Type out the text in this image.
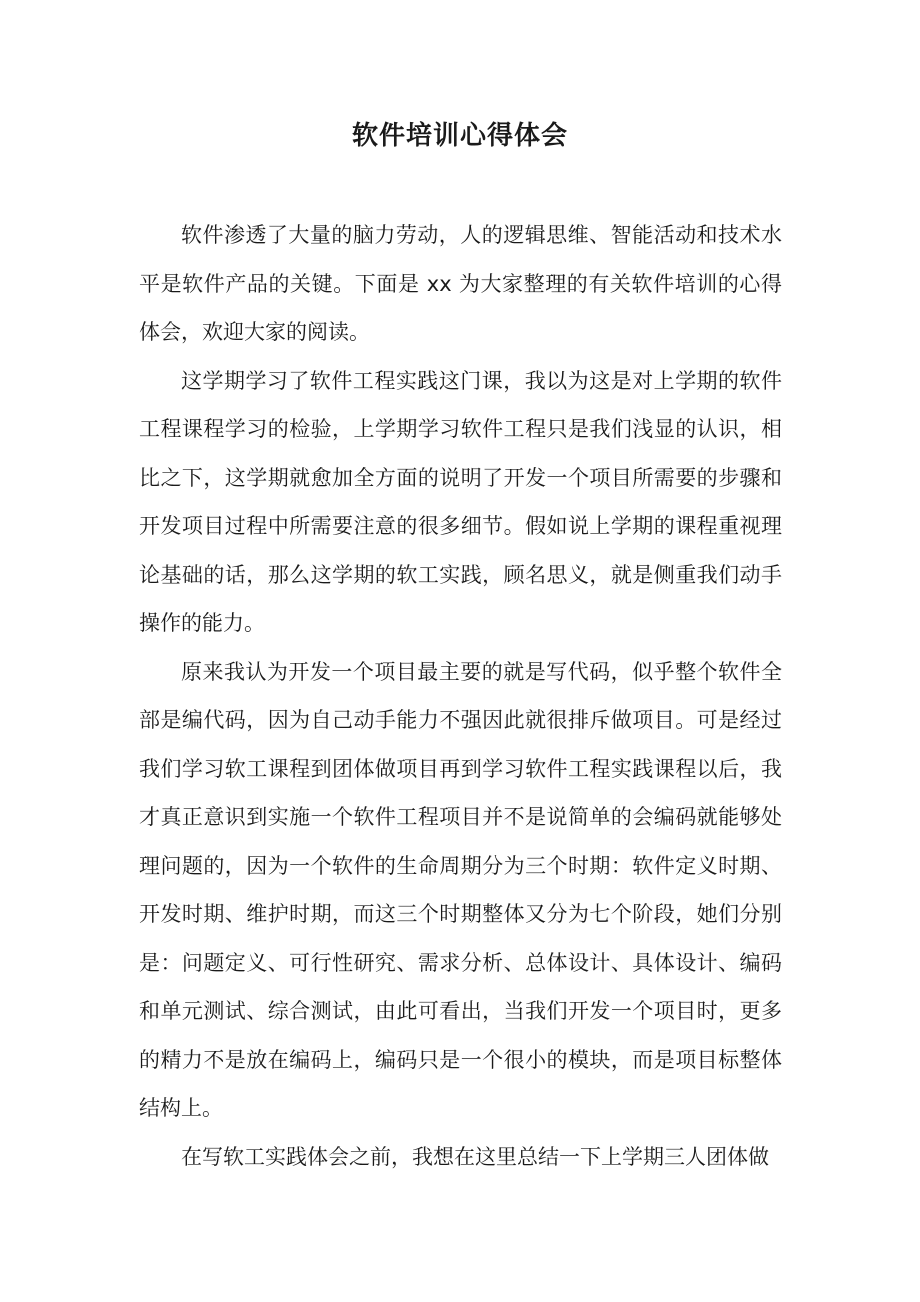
软件培训心得体会

软件渗透了大量的脑力劳动，人的逻辑思维、智能活动和技术水平是软件产品的关键。下面是 xx 为大家整理的有关软件培训的心得体会，欢迎大家的阅读。

这学期学习了软件工程实践这门课，我以为这是对上学期的软件工程课程学习的检验，上学期学习软件工程只是我们浅显的认识，相比之下，这学期就愈加全方面的说明了开发一个项目所需要的步骤和开发项目过程中所需要注意的很多细节。假如说上学期的课程重视理论基础的话，那么这学期的软工实践，顾名思义，就是侧重我们动手操作的能力。

原来我认为开发一个项目最主要的就是写代码，似乎整个软件全部是编代码，因为自己动手能力不强因此就很排斥做项目。可是经过我们学习软工课程到团体做项目再到学习软件工程实践课程以后，我才真正意识到实施一个软件工程项目并不是说简单的会编码就能够处理问题的，因为一个软件的生命周期分为三个时期：软件定义时期、开发时期、维护时期，而这三个时期整体又分为七个阶段，她们分别是：问题定义、可行性研究、需求分析、总体设计、具体设计、编码和单元测试、综合测试，由此可看出，当我们开发一个项目时，更多的精力不是放在编码上，编码只是一个很小的模块，而是项目标整体结构上。

在写软工实践体会之前，我想在这里总结一下上学期三人团体做
